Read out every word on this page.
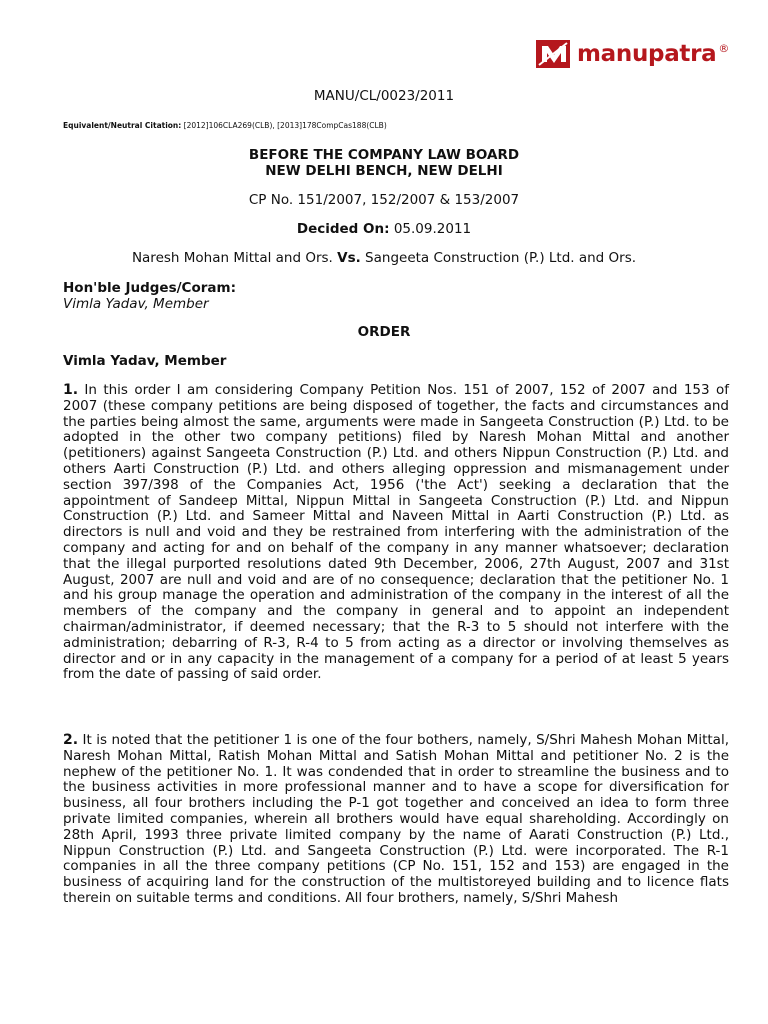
manupatra ®

MANU/CL/0023/2011

Equivalent/Neutral Citation: [2012]106CLA269(CLB), [2013]178CompCas188(CLB)

BEFORE THE COMPANY LAW BOARD

NEW DELHI BENCH, NEW DELHI

CP No. 151/2007, 152/2007 & 153/2007

Decided On: 05.09.2011

Naresh Mohan Mittal and Ors. Vs. Sangeeta Construction (P.) Ltd. and Ors.

Hon'ble Judges/Coram:

Vimla Yadav, Member

ORDER

Vimla Yadav, Member

1. In this order I am considering Company Petition Nos. 151 of 2007, 152 of 2007 and 153 of 2007 (these company petitions are being disposed of together, the facts and circumstances and the parties being almost the same, arguments were made in Sangeeta Construction (P.) Ltd. to be adopted in the other two company petitions) filed by Naresh Mohan Mittal and another (petitioners) against Sangeeta Construction (P.) Ltd. and others Nippun Construction (P.) Ltd. and others Aarti Construction (P.) Ltd. and others alleging oppression and mismanagement under section 397/398 of the Companies Act, 1956 ('the Act') seeking a declaration that the appointment of Sandeep Mittal, Nippun Mittal in Sangeeta Construction (P.) Ltd. and Nippun Construction (P.) Ltd. and Sameer Mittal and Naveen Mittal in Aarti Construction (P.) Ltd. as directors is null and void and they be restrained from interfering with the administration of the company and acting for and on behalf of the company in any manner whatsoever; declaration that the illegal purported resolutions dated 9th December, 2006, 27th August, 2007 and 31st August, 2007 are null and void and are of no consequence; declaration that the petitioner No. 1 and his group manage the operation and administration of the company in the interest of all the members of the company and the company in general and to appoint an independent chairman/administrator, if deemed necessary; that the R-3 to 5 should not interfere with the administration; debarring of R-3, R-4 to 5 from acting as a director or involving themselves as director and or in any capacity in the management of a company for a period of at least 5 years from the date of passing of said order.

2. It is noted that the petitioner 1 is one of the four bothers, namely, S/Shri Mahesh Mohan Mittal, Naresh Mohan Mittal, Ratish Mohan Mittal and Satish Mohan Mittal and petitioner No. 2 is the nephew of the petitioner No. 1. It was condended that in order to streamline the business and to the business activities in more professional manner and to have a scope for diversification for business, all four brothers including the P-1 got together and conceived an idea to form three private limited companies, wherein all brothers would have equal shareholding. Accordingly on 28th April, 1993 three private limited company by the name of Aarati Construction (P.) Ltd., Nippun Construction (P.) Ltd. and Sangeeta Construction (P.) Ltd. were incorporated. The R-1 companies in all the three company petitions (CP No. 151, 152 and 153) are engaged in the business of acquiring land for the construction of the multistoreyed building and to licence flats therein on suitable terms and conditions. All four brothers, namely, S/Shri Mahesh
